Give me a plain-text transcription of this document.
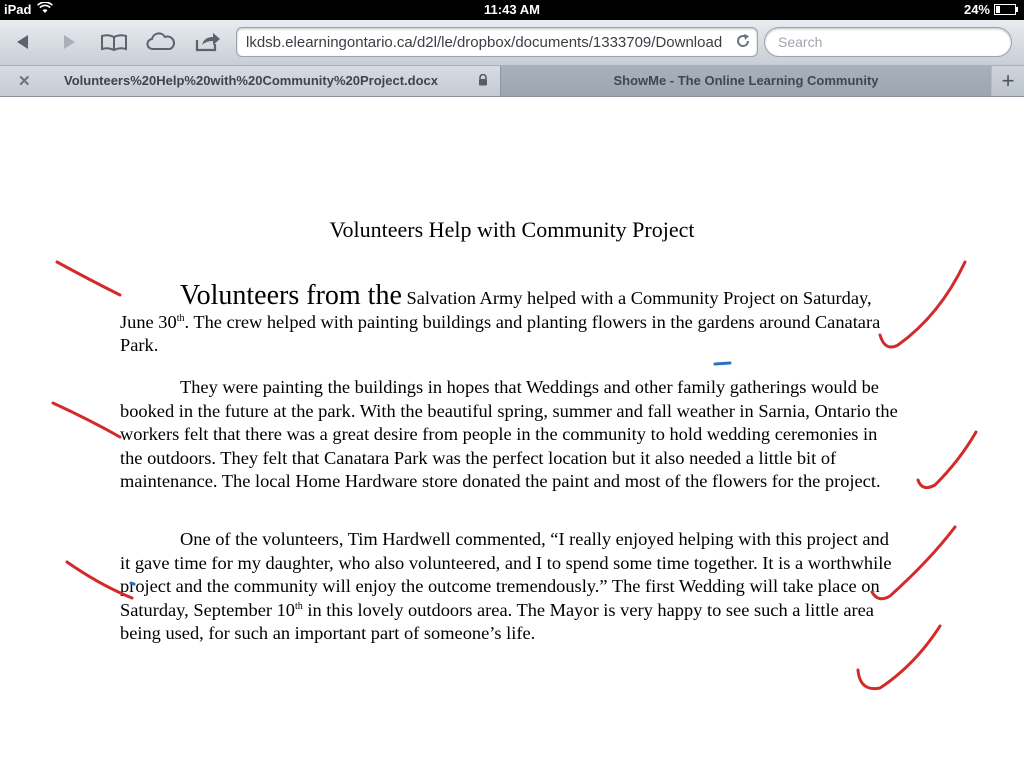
iPad	11:43 AM	24%
lkdsb.elearningontario.ca/d2l/le/dropbox/documents/1333709/Download
Search
✕	Volunteers%20Help%20with%20Community%20Project.docx	ShowMe - The Online Learning Community	+
Volunteers Help with Community Project
Volunteers from the Salvation Army helped with a Community Project on Saturday, June 30th. The crew helped with painting buildings and planting flowers in the gardens around Canatara Park.
They were painting the buildings in hopes that Weddings and other family gatherings would be booked in the future at the park. With the beautiful spring, summer and fall weather in Sarnia, Ontario the workers felt that there was a great desire from people in the community to hold wedding ceremonies in the outdoors. They felt that Canatara Park was the perfect location but it also needed a little bit of maintenance. The local Home Hardware store donated the paint and most of the flowers for the project.
One of the volunteers, Tim Hardwell commented, “I really enjoyed helping with this project and it gave time for my daughter, who also volunteered, and I to spend some time together. It is a worthwhile project and the community will enjoy the outcome tremendously.” The first Wedding will take place on Saturday, September 10th in this lovely outdoors area. The Mayor is very happy to see such a little area being used, for such an important part of someone’s life.
